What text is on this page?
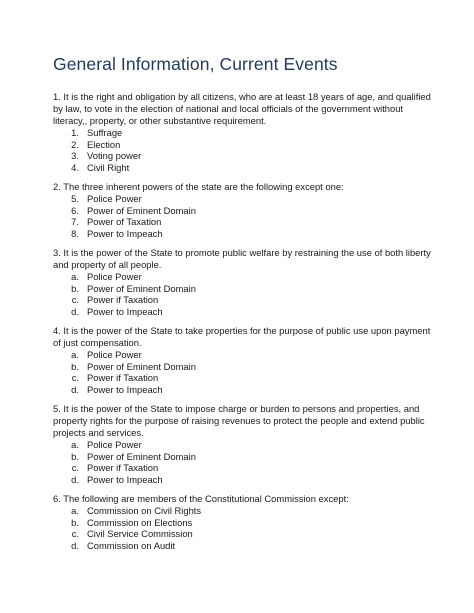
General Information, Current Events

1. It is the right and obligation by all citizens, who are at least 18 years of age, and qualified by law, to vote in the election of national and local officials of the government without literacy,, property, or other substantive requirement.

1. Suffrage
2. Election
3. Voting power
4. Civil Right

2. The three inherent powers of the state are the following except one:

5. Police Power
6. Power of Eminent Domain
7. Power of Taxation
8. Power to Impeach

3. It is the power of the State to promote public welfare by restraining the use of both liberty and property of all people.

a. Police Power
b. Power of Eminent Domain
c. Power if Taxation
d. Power to Impeach

4. It is the power of the State to take properties for the purpose of public use upon payment of just compensation.

a. Police Power
b. Power of Eminent Domain
c. Power if Taxation
d. Power to Impeach

5. It is the power of the State to impose charge or burden to persons and properties, and property rights for the purpose of raising revenues to protect the people and extend public projects and services.

a. Police Power
b. Power of Eminent Domain
c. Power if Taxation
d. Power to Impeach

6. The following are members of the Constitutional Commission except:

a. Commission on Civil Rights
b. Commission on Elections
c. Civil Service Commission
d. Commission on Audit
